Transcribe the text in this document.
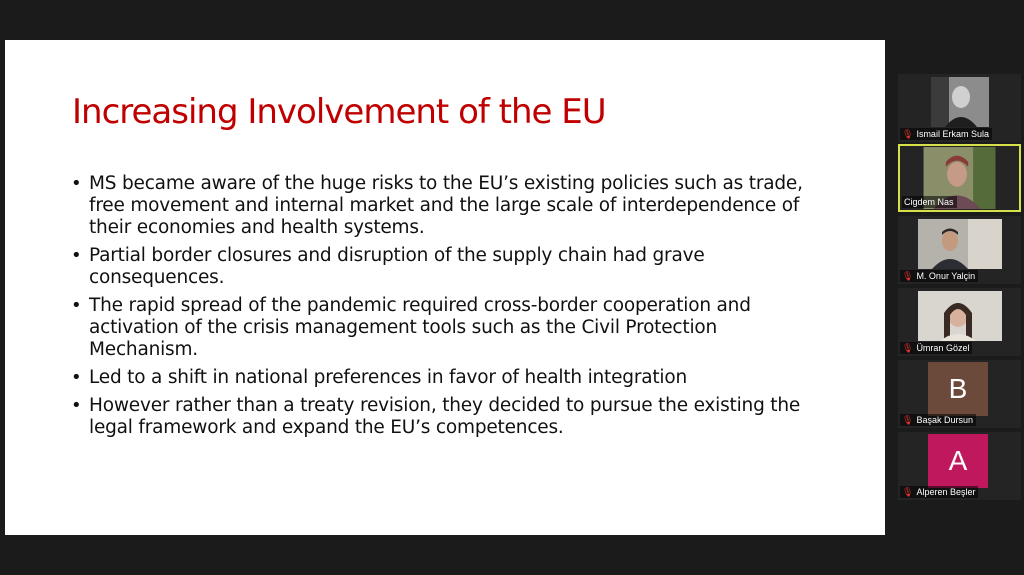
Increasing Involvement of the EU
• MS became aware of the huge risks to the EU’s existing policies such as trade, free movement and internal market and the large scale of interdependence of their economies and health systems.
• Partial border closures and disruption of the supply chain had grave consequences.
• The rapid spread of the pandemic required cross-border cooperation and activation of the crisis management tools such as the Civil Protection Mechanism.
• Led to a shift in national preferences in favor of health integration
• However rather than a treaty revision, they decided to pursue the existing the legal framework and expand the EU’s competences.
🎙 Ismail Erkam Sula
Cigdem Nas
🎙 M. Onur Yalçin
🎙 Ümran Gözel
B
🎙 Başak Dursun
A
🎙 Alperen Beşler
